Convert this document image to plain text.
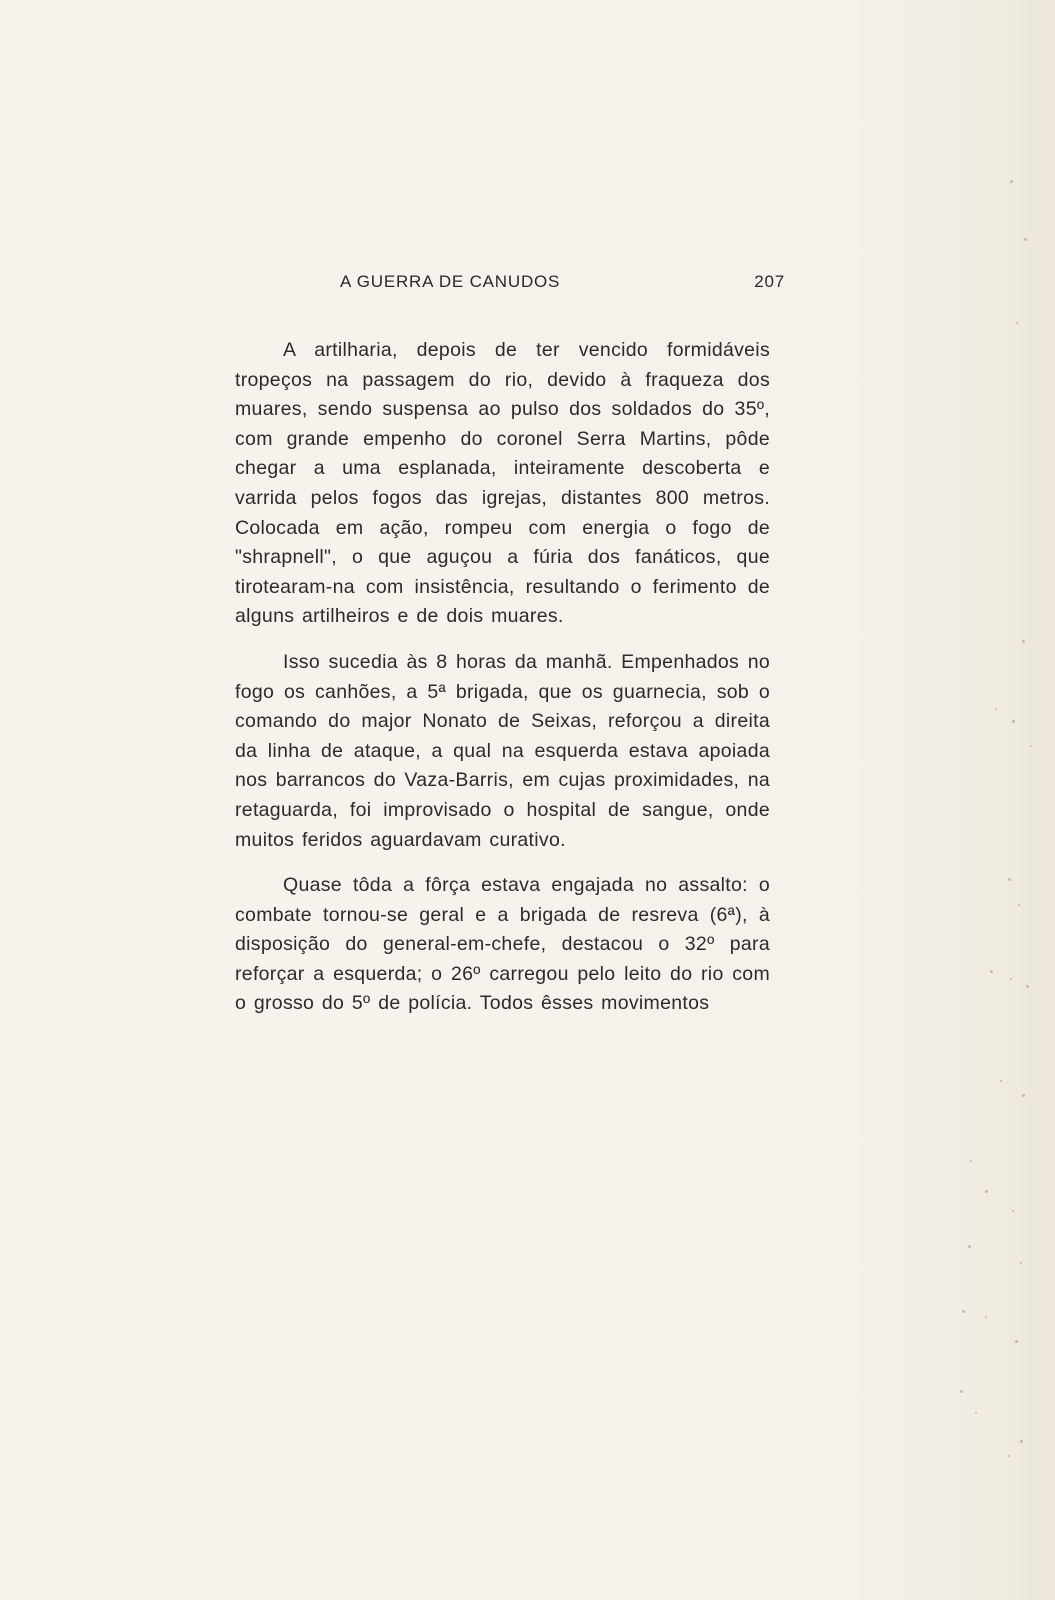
A GUERRA DE CANUDOS	207

A artilharia, depois de ter vencido formidáveis tropeços na passagem do rio, devido à fraqueza dos muares, sendo suspensa ao pulso dos soldados do 35º, com grande empenho do coronel Serra Martins, pôde chegar a uma esplanada, inteiramente descoberta e varrida pelos fogos das igrejas, distantes 800 metros. Colocada em ação, rompeu com energia o fogo de "shrapnell", o que aguçou a fúria dos fanáticos, que tirotearam-na com insistência, resultando o ferimento de alguns artilheiros e de dois muares.

Isso sucedia às 8 horas da manhã. Empenhados no fogo os canhões, a 5ª brigada, que os guarnecia, sob o comando do major Nonato de Seixas, reforçou a direita da linha de ataque, a qual na esquerda estava apoiada nos barrancos do Vaza-Barris, em cujas proximidades, na retaguarda, foi improvisado o hospital de sangue, onde muitos feridos aguardavam curativo.

Quase tôda a fôrça estava engajada no assalto: o combate tornou-se geral e a brigada de resreva (6ª), à disposição do general-em-chefe, destacou o 32º para reforçar a esquerda; o 26º carregou pelo leito do rio com o grosso do 5º de polícia. Todos êsses movimentos
